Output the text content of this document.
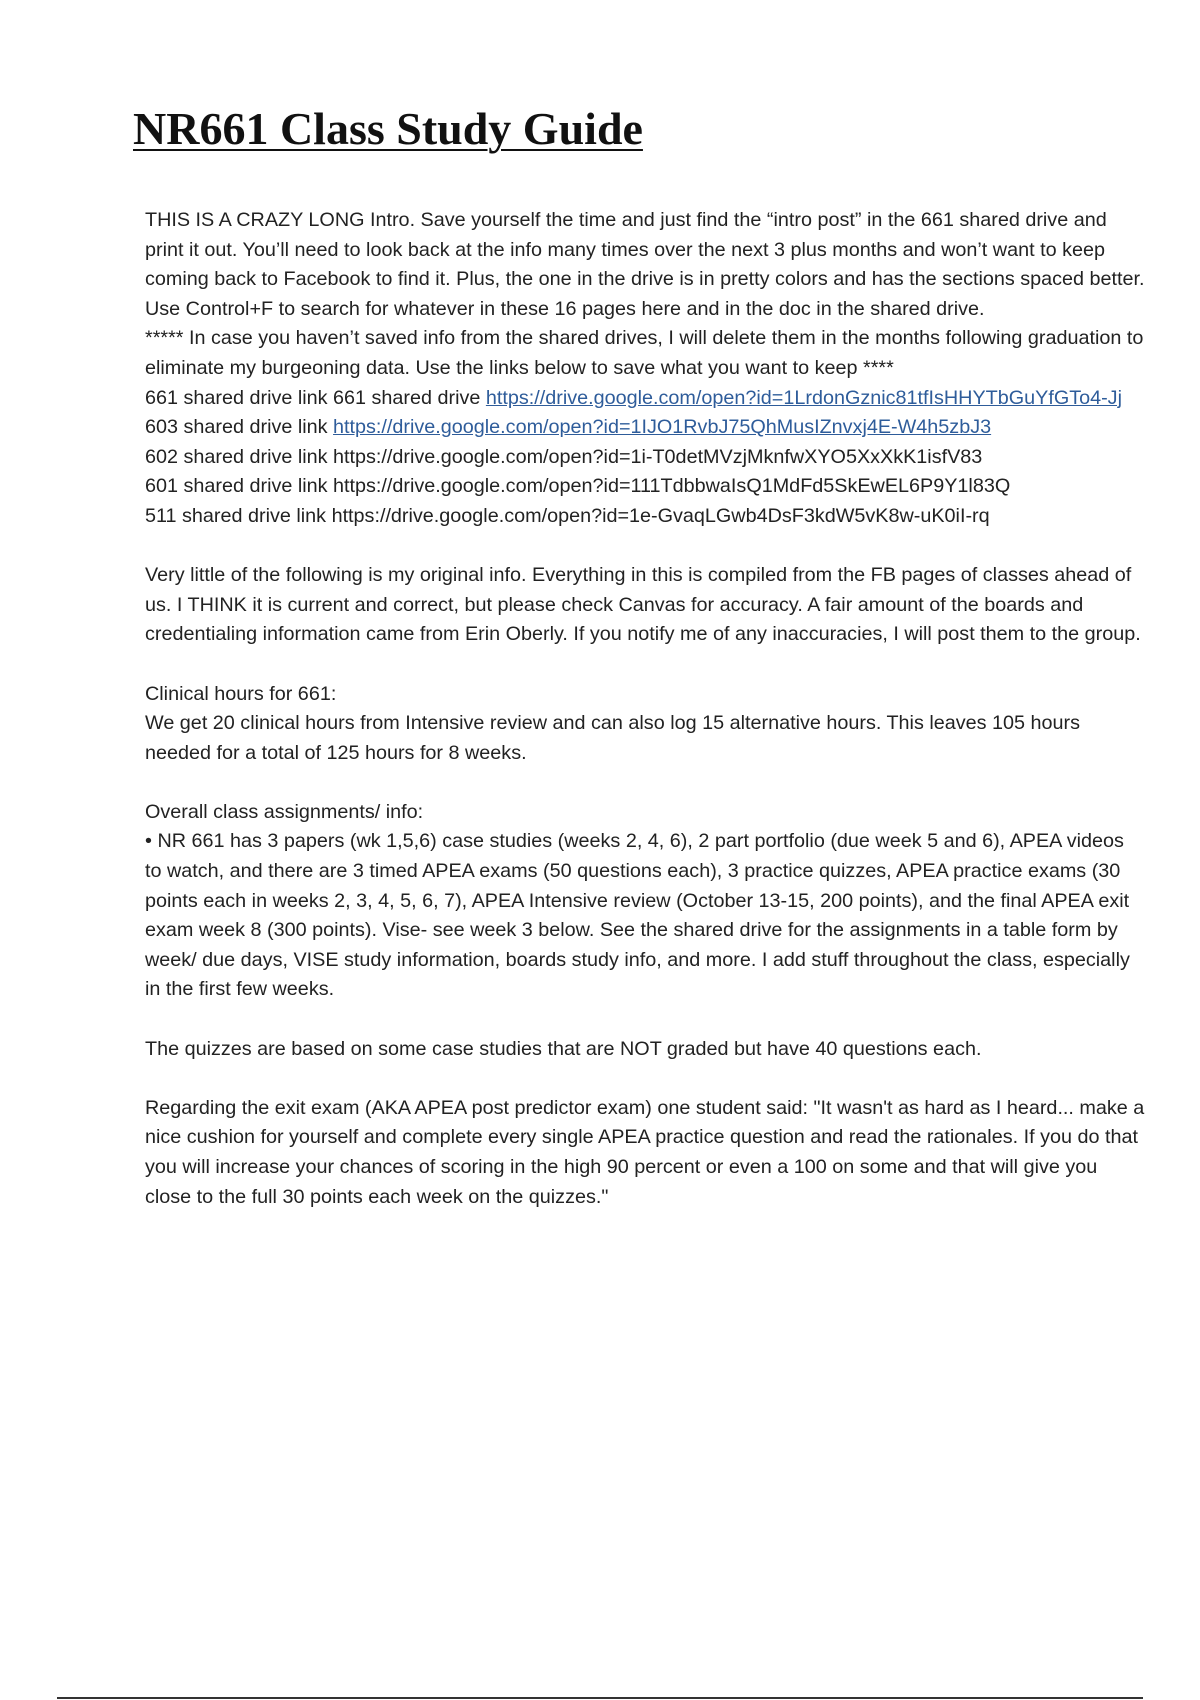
NR661 Class Study Guide

THIS IS A CRAZY LONG Intro. Save yourself the time and just find the “intro post” in the 661 shared drive and print it out. You’ll need to look back at the info many times over the next 3 plus months and won’t want to keep coming back to Facebook to find it. Plus, the one in the drive is in pretty colors and has the sections spaced better. Use Control+F to search for whatever in these 16 pages here and in the doc in the shared drive.

***** In case you haven’t saved info from the shared drives, I will delete them in the months following graduation to eliminate my burgeoning data. Use the links below to save what you want to keep ****

661 shared drive link 661 shared drive https://drive.google.com/open?id=1LrdonGznic81tfIsHHYTbGuYfGTo4-Jj

603 shared drive link https://drive.google.com/open?id=1IJO1RvbJ75QhMusIZnvxj4E-W4h5zbJ3

602 shared drive link https://drive.google.com/open?id=1i-T0detMVzjMknfwXYO5XxXkK1isfV83

601 shared drive link https://drive.google.com/open?id=111TdbbwaIsQ1MdFd5SkEwEL6P9Y1l83Q

511 shared drive link https://drive.google.com/open?id=1e-GvaqLGwb4DsF3kdW5vK8w-uK0iI-rq

Very little of the following is my original info. Everything in this is compiled from the FB pages of classes ahead of us. I THINK it is current and correct, but please check Canvas for accuracy. A fair amount of the boards and credentialing information came from Erin Oberly. If you notify me of any inaccuracies, I will post them to the group.

Clinical hours for 661:

We get 20 clinical hours from Intensive review and can also log 15 alternative hours. This leaves 105 hours needed for a total of 125 hours for 8 weeks.

Overall class assignments/ info:

• NR 661 has 3 papers (wk 1,5,6) case studies (weeks 2, 4, 6), 2 part portfolio (due week 5 and 6), APEA videos to watch, and there are 3 timed APEA exams (50 questions each), 3 practice quizzes, APEA practice exams (30 points each in weeks 2, 3, 4, 5, 6, 7), APEA Intensive review (October 13-15, 200 points), and the final APEA exit exam week 8 (300 points). Vise- see week 3 below. See the shared drive for the assignments in a table form by week/ due days, VISE study information, boards study info, and more. I add stuff throughout the class, especially in the first few weeks.

The quizzes are based on some case studies that are NOT graded but have 40 questions each.

Regarding the exit exam (AKA APEA post predictor exam) one student said: "It wasn't as hard as I heard... make a nice cushion for yourself and complete every single APEA practice question and read the rationales. If you do that you will increase your chances of scoring in the high 90 percent or even a 100 on some and that will give you close to the full 30 points each week on the quizzes."
